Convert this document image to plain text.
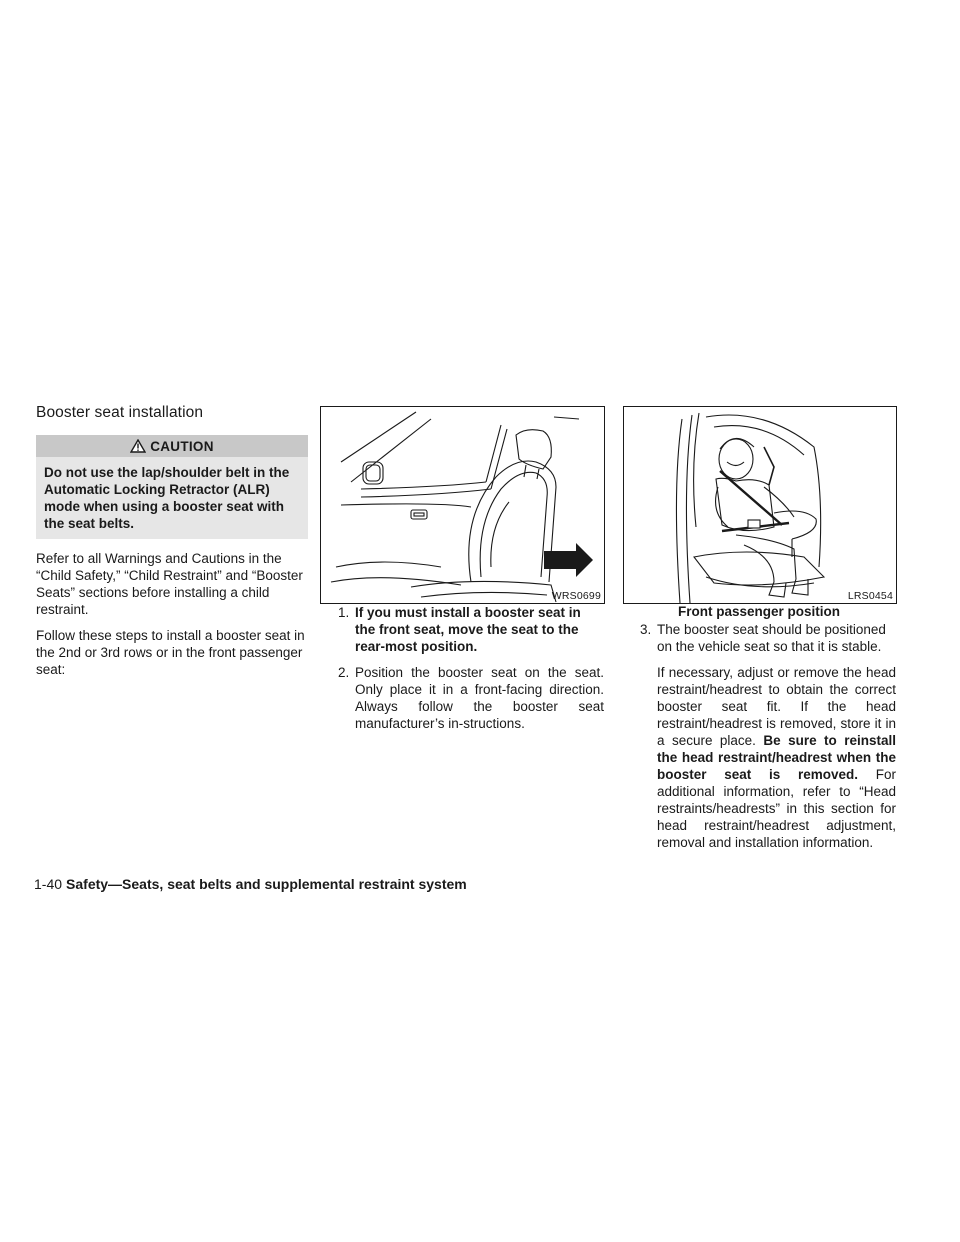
Booster seat installation
CAUTION
Do not use the lap/shoulder belt in the Automatic Locking Retractor (ALR) mode when using a booster seat with the seat belts.

Refer to all Warnings and Cautions in the “Child Safety,” “Child Restraint” and “Booster Seats” sections before installing a child restraint.

Follow these steps to install a booster seat in the 2nd or 3rd rows or in the front passenger seat:

WRS0699	LRS0454
Front passenger position
1. If you must install a booster seat in the front seat, move the seat to the rear-most position.
2. Position the booster seat on the seat. Only place it in a front-facing direction. Always follow the booster seat manufacturer’s in-structions.
3. The booster seat should be positioned on the vehicle seat so that it is stable.

If necessary, adjust or remove the head restraint/headrest to obtain the correct booster seat fit. If the head restraint/headrest is removed, store it in a secure place. Be sure to reinstall the head restraint/headrest when the booster seat is removed. For additional information, refer to “Head restraints/headrests” in this section for head restraint/headrest adjustment, removal and installation information.

1-40 Safety—Seats, seat belts and supplemental restraint system
